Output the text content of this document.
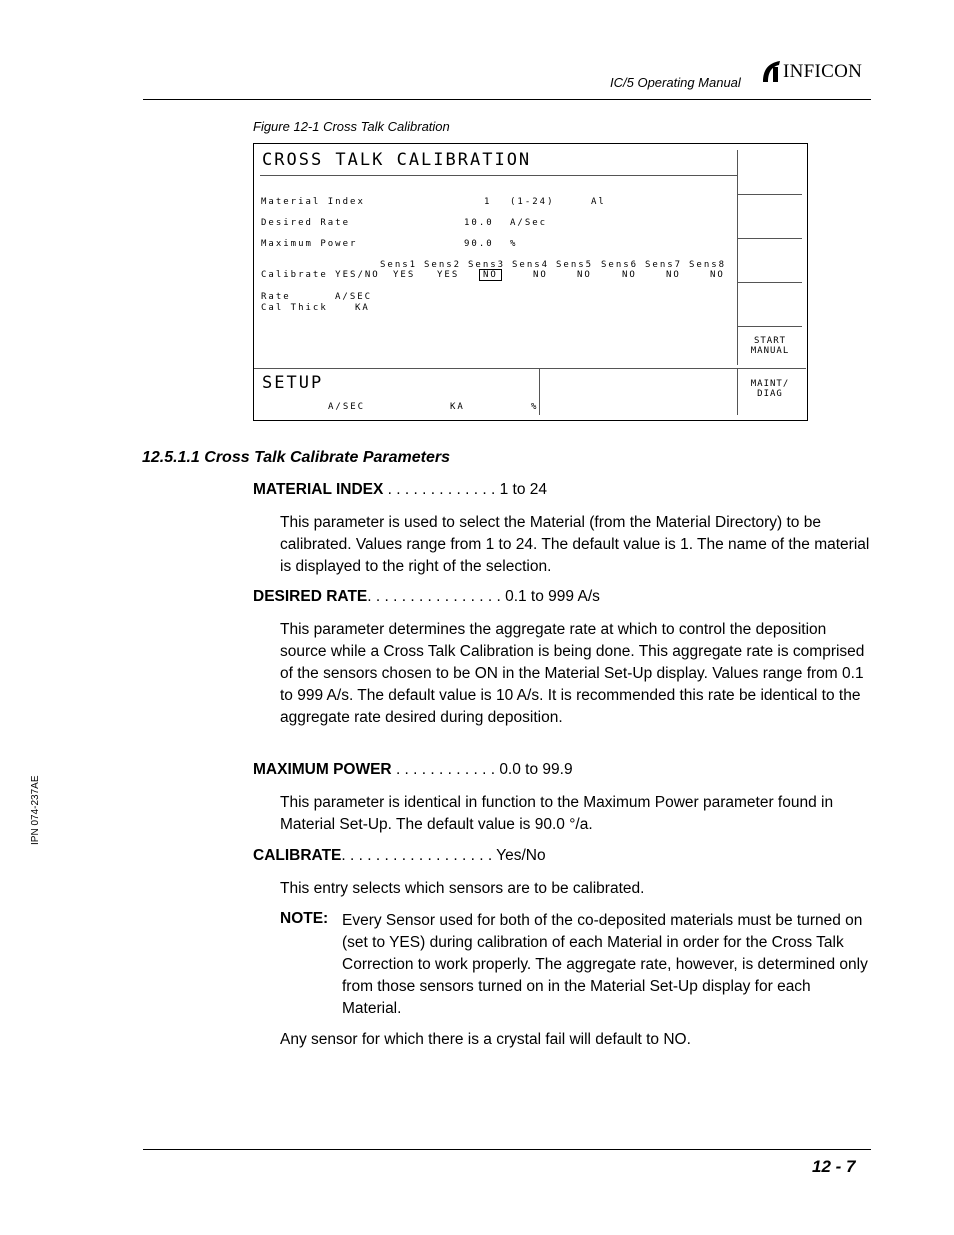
IC/5 Operating Manual
INFICON
Figure 12-1 Cross Talk Calibration
CROSS TALK CALIBRATION
START
MANUAL
Material Index	1 (1-24)	Al
Desired Rate	10.0 A/Sec
Maximum Power	90.0 %
Sens1 Sens2 Sens3 Sens4 Sens5 Sens6 Sens7 Sens8
Calibrate YES/NO YES YES	NO	NO	NO	NO	NO	NO
Rate	A/SEC
Cal Thick	KA
SETUP
A/SEC	KA	%
MAINT/
DIAG
12.5.1.1 Cross Talk Calibrate Parameters
MATERIAL INDEX . . . . . . . . . . . . . 1 to 24
This parameter is used to select the Material (from the Material Directory) to be calibrated. Values range from 1 to 24. The default value is 1. The name of the material is displayed to the right of the selection.
DESIRED RATE. . . . . . . . . . . . . . . . 0.1 to 999 A/s
This parameter determines the aggregate rate at which to control the deposition source while a Cross Talk Calibration is being done. This aggregate rate is comprised of the sensors chosen to be ON in the Material Set-Up display. Values range from 0.1 to 999 A/s. The default value is 10 A/s. It is recommended this rate be identical to the aggregate rate desired during deposition.
MAXIMUM POWER . . . . . . . . . . . . 0.0 to 99.9
This parameter is identical in function to the Maximum Power parameter found in Material Set-Up. The default value is 90.0 °/a.
CALIBRATE. . . . . . . . . . . . . . . . . . Yes/No
This entry selects which sensors are to be calibrated.
NOTE: Every Sensor used for both of the co-deposited materials must be turned on (set to YES) during calibration of each Material in order for the Cross Talk Correction to work properly. The aggregate rate, however, is determined only from those sensors turned on in the Material Set-Up display for each Material.
Any sensor for which there is a crystal fail will default to NO.
IPN 074-237AE
12 - 7
